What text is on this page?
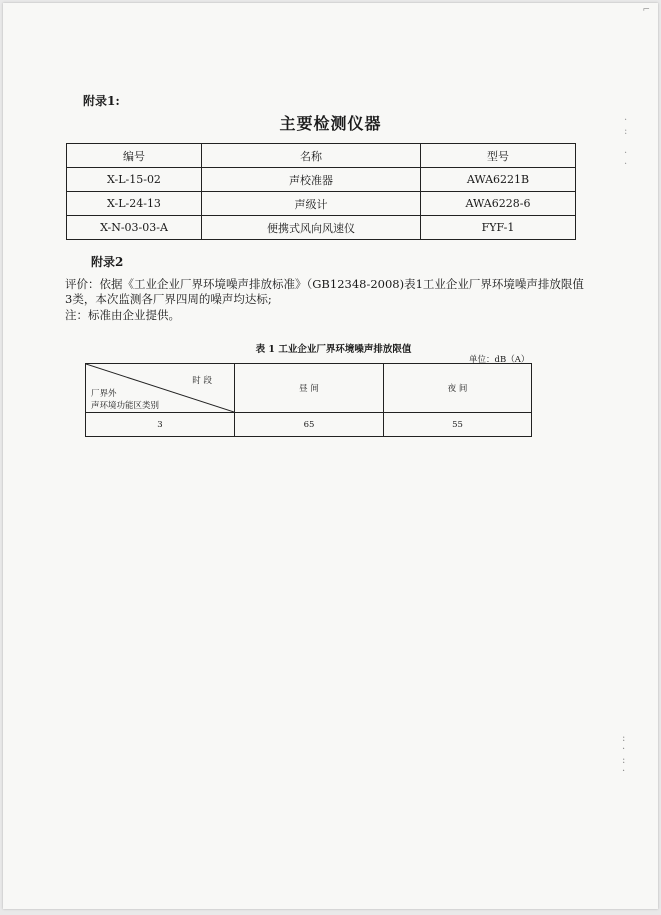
⌐
附录1:
主要检测仪器
编号	名称	型号
X-L-15-02	声校准器	AWA6221B
X-L-24-13	声级计	AWA6228-6
X-N-03-03-A	便携式风向风速仪	FYF-1
附录2
评价：依据《工业企业厂界环境噪声排放标准》（GB12348-2008)表1工业企业厂界环境噪声排放限值3类，本次监测各厂界四周的噪声均达标;
注：标准由企业提供。
表 1 工业企业厂界环境噪声排放限值
单位：dB（A）
时 段
厂界外
声环境功能区类别	昼 间	夜 间
3	65	55
·
:

·
·
:
·
:
·
